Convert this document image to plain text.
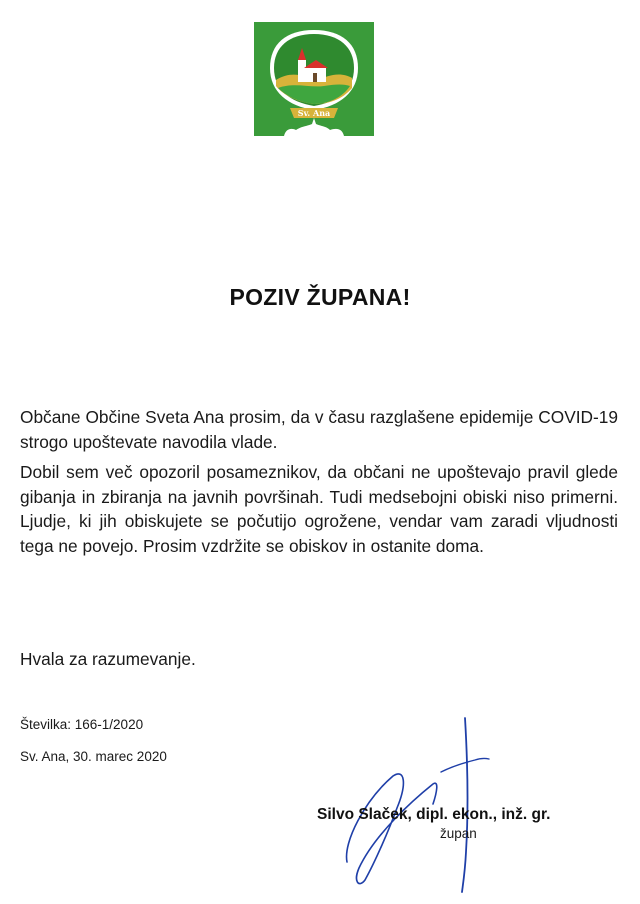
Sv. Ana
POZIV ŽUPANA!

Občane Občine Sveta Ana prosim, da v času razglašene epidemije COVID-19 strogo upoštevate navodila vlade.

Dobil sem več opozoril posameznikov, da občani ne upoštevajo pravil glede gibanja in zbiranja na javnih površinah. Tudi medsebojni obiski niso primerni. Ljudje, ki jih obiskujete se počutijo ogrožene, vendar vam zaradi vljudnosti tega ne povejo. Prosim vzdržite se obiskov in ostanite doma.

Hvala za razumevanje.
Številka: 166-1/2020
Sv. Ana, 30. marec 2020
Silvo Slaček, dipl. ekon., inž. gr.
župan
